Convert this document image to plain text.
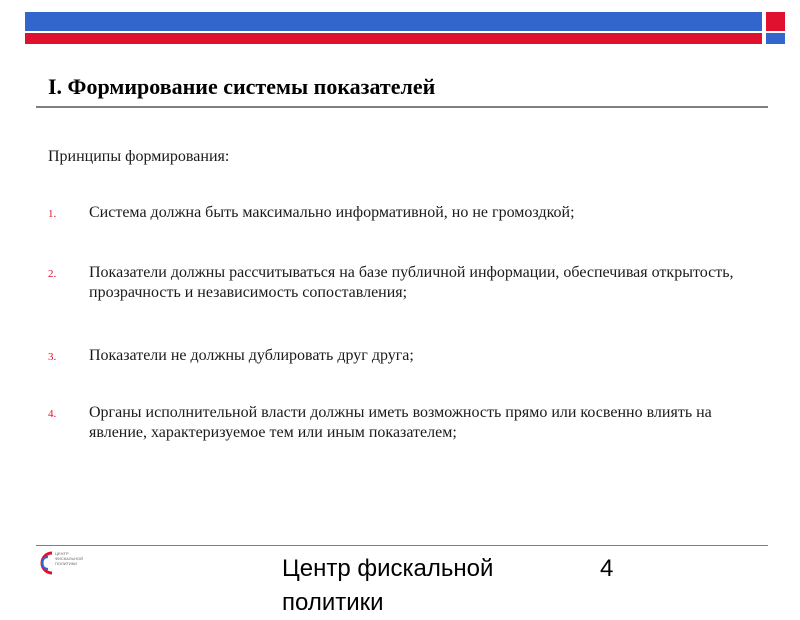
I. Формирование системы показателей
Принципы формирования:
1. Система должна быть максимально информативной, но не громоздкой;
2. Показатели должны рассчитываться на базе публичной информации, обеспечивая открытость, прозрачность и независимость сопоставления;
3. Показатели не должны дублировать друг друга;
4. Органы исполнительной власти должны иметь возможность прямо или косвенно влиять на явление, характеризуемое тем или иным показателем;
ЦЕНТР
ФИСКАЛЬНОЙ
ПОЛИТИКИ	Центр фискальной политики
4
